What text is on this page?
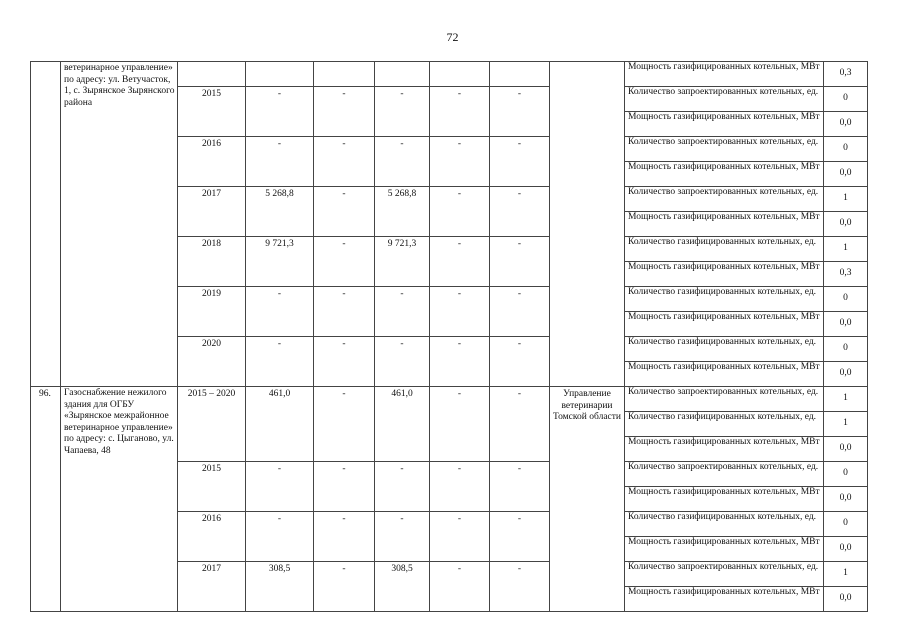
72
	ветеринарное управление» по адресу: ул. Ветучасток, 1, с. Зырянское Зырянского района								Мощность газифицированных котельных, МВт	0,3
		2015	-	-	-	-	-		Количество запроектированных котельных, ед.	0
									Мощность газифицированных котельных, МВт	0,0
		2016	-	-	-	-	-		Количество запроектированных котельных, ед.	0
									Мощность газифицированных котельных, МВт	0,0
		2017	5 268,8	-	5 268,8	-	-		Количество запроектированных котельных, ед.	1
									Мощность газифицированных котельных, МВт	0,0
		2018	9 721,3	-	9 721,3	-	-		Количество газифицированных котельных, ед.	1
									Мощность газифицированных котельных, МВт	0,3
		2019	-	-	-	-	-		Количество газифицированных котельных, ед.	0
									Мощность газифицированных котельных, МВт	0,0
		2020	-	-	-	-	-		Количество газифицированных котельных, ед.	0
									Мощность газифицированных котельных, МВт	0,0
96.	Газоснабжение нежилого здания для ОГБУ «Зырянское межрайонное ветеринарное управление» по адресу: с. Цыганово, ул. Чапаева, 48	2015 – 2020	461,0	-	461,0	-	-	Управление ветеринарии Томской области	Количество запроектированных котельных, ед.	1
									Количество газифицированных котельных, ед.	1
									Мощность газифицированных котельных, МВт	0,0
		2015	-	-	-	-	-		Количество запроектированных котельных, ед.	0
									Мощность газифицированных котельных, МВт	0,0
		2016	-	-	-	-	-		Количество газифицированных котельных, ед.	0
									Мощность газифицированных котельных, МВт	0,0
		2017	308,5	-	308,5	-	-		Количество запроектированных котельных, ед.	1
									Мощность газифицированных котельных, МВт	0,0
